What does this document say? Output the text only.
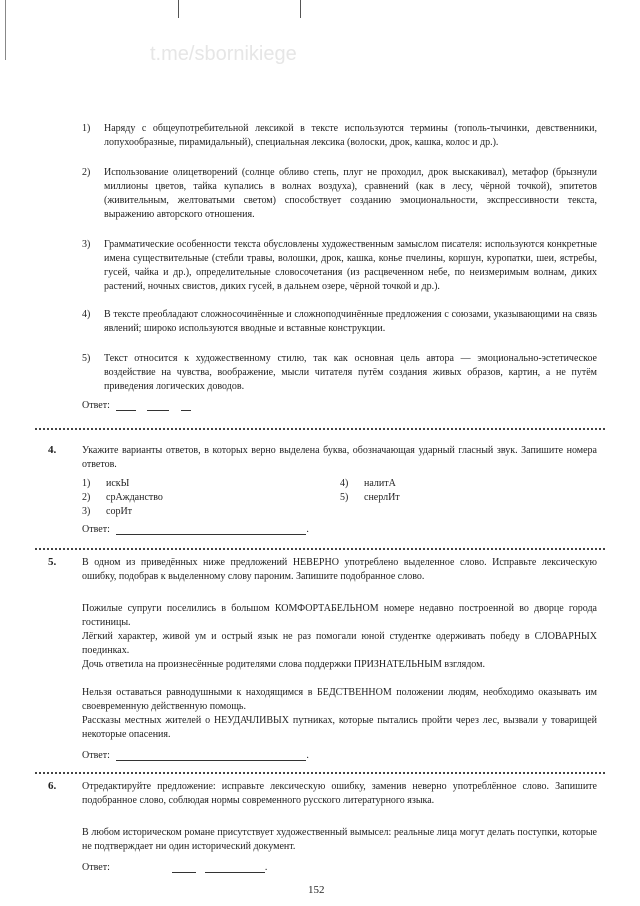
t.me/sbornikiege
1) Наряду с общеупотребительной лексикой в тексте используются термины (тополь-тычинки, девственники, лопухообразные, пирамидальный), специальная лексика (волоски, дрок, кашка, колос и др.).
2) Использование олицетворений (солнце обливо степь, плуг не проходил, дрок выскакивал), метафор (брызнули миллионы цветов, тайка купались в волнах воздуха), сравнений (как в лесу, чёрной точкой), эпитетов (живительным, желтоватыми светом) способствует созданию эмоциональности, экспрессивности текста, выражению авторского отношения.
3) Грамматические особенности текста обусловлены художественным замыслом писателя: используются конкретные имена существительные (стебли травы, волошки, дрок, кашка, конье пчелины, коршун, куропатки, шеи, ястребы, гусей, чайка и др.), определительные словосочетания (из расцвеченном небе, по неизмеримым волнам, диких растений, ночных свистов, диких гусей, в дальнем озере, чёрной точкой и др.).
4) В тексте преобладают сложносочинённые и сложноподчинённые предложения с союзами, указывающими на связь явлений; широко используются вводные и вставные конструкции.
5) Текст относится к художественному стилю, так как основная цель автора — эмоционально-эстетическое воздействие на чувства, воображение, мысли читателя путём создания живых образов, картин, а не путём приведения логических доводов.
Ответ:
4.	Укажите варианты ответов, в которых верно выделена буква, обозначающая ударный гласный звук. Запишите номера ответов.
1) искЫ
2) срАжданство
3) сорИт
4) налитА
5) снерлИт
Ответ:	.
5.	В одном из приведённых ниже предложений НЕВЕРНО употреблено выделенное слово. Исправьте лексическую ошибку, подобрав к выделенному слову пароним. Запишите подобранное слово.
Пожилые супруги поселились в большом КОМФОРТАБЕЛЬНОМ номере недавно построенной во дворце города гостиницы.
Лёгкий характер, живой ум и острый язык не раз помогали юной студентке одерживать победу в СЛОВАРНЫХ поединках.
Дочь ответила на произнесённые родителями слова поддержки ПРИЗНАТЕЛЬНЫМ взглядом.
Нельзя оставаться равнодушными к находящимся в БЕДСТВЕННОМ положении людям, необходимо оказывать им своевременную действенную помощь.
Рассказы местных жителей о НЕУДАЧЛИВЫХ путниках, которые пытались пройти через лес, вызвали у товарищей некоторые опасения.
Ответ:	.
6.	Отредактируйте предложение: исправьте лексическую ошибку, заменив неверно употреблённое слово. Запишите подобранное слово, соблюдая нормы современного русского литературного языка.
В любом историческом романе присутствует художественный вымысел: реальные лица могут делать поступки, которые не подтверждает ни один исторический документ.
Ответ:	.
152
